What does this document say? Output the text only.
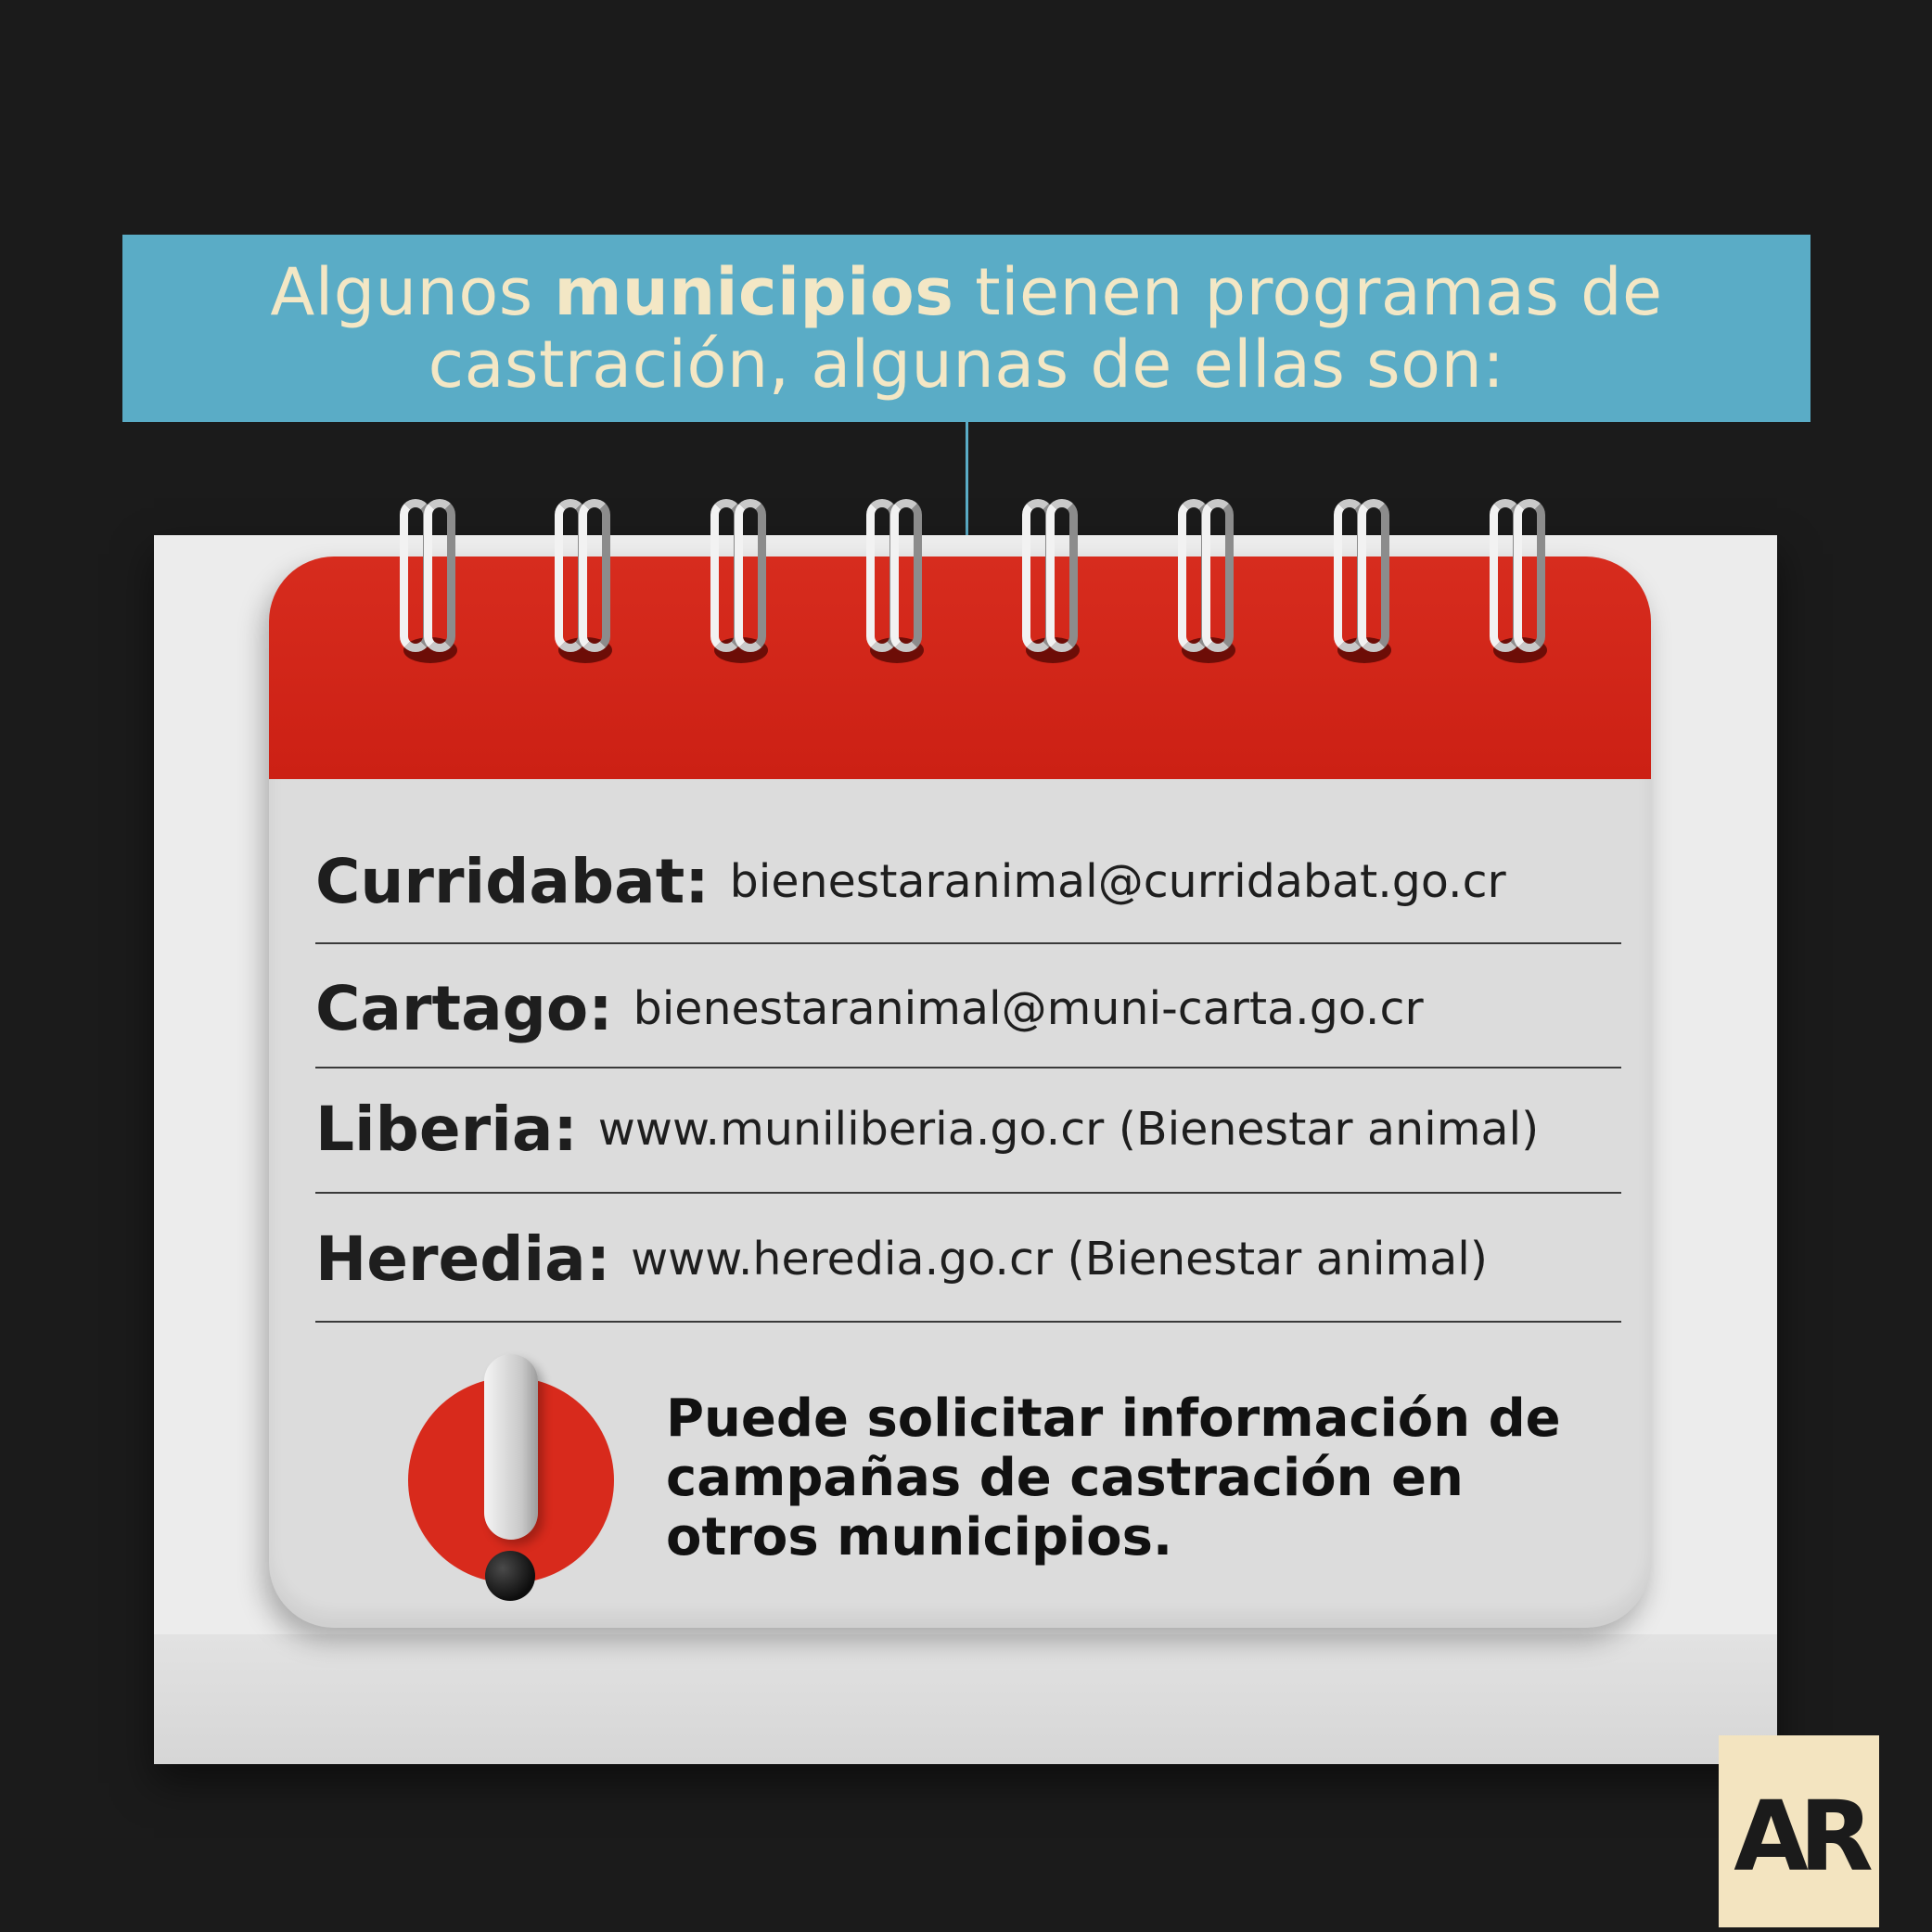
Algunos municipios tienen programas de
castración, algunas de ellas son:
Curridabat: bienestaranimal@curridabat.go.cr
Cartago: bienestaranimal@muni-carta.go.cr
Liberia: www.muniliberia.go.cr (Bienestar animal)
Heredia: www.heredia.go.cr (Bienestar animal)
Puede solicitar información de
campañas de castración en
otros municipios.
AR
